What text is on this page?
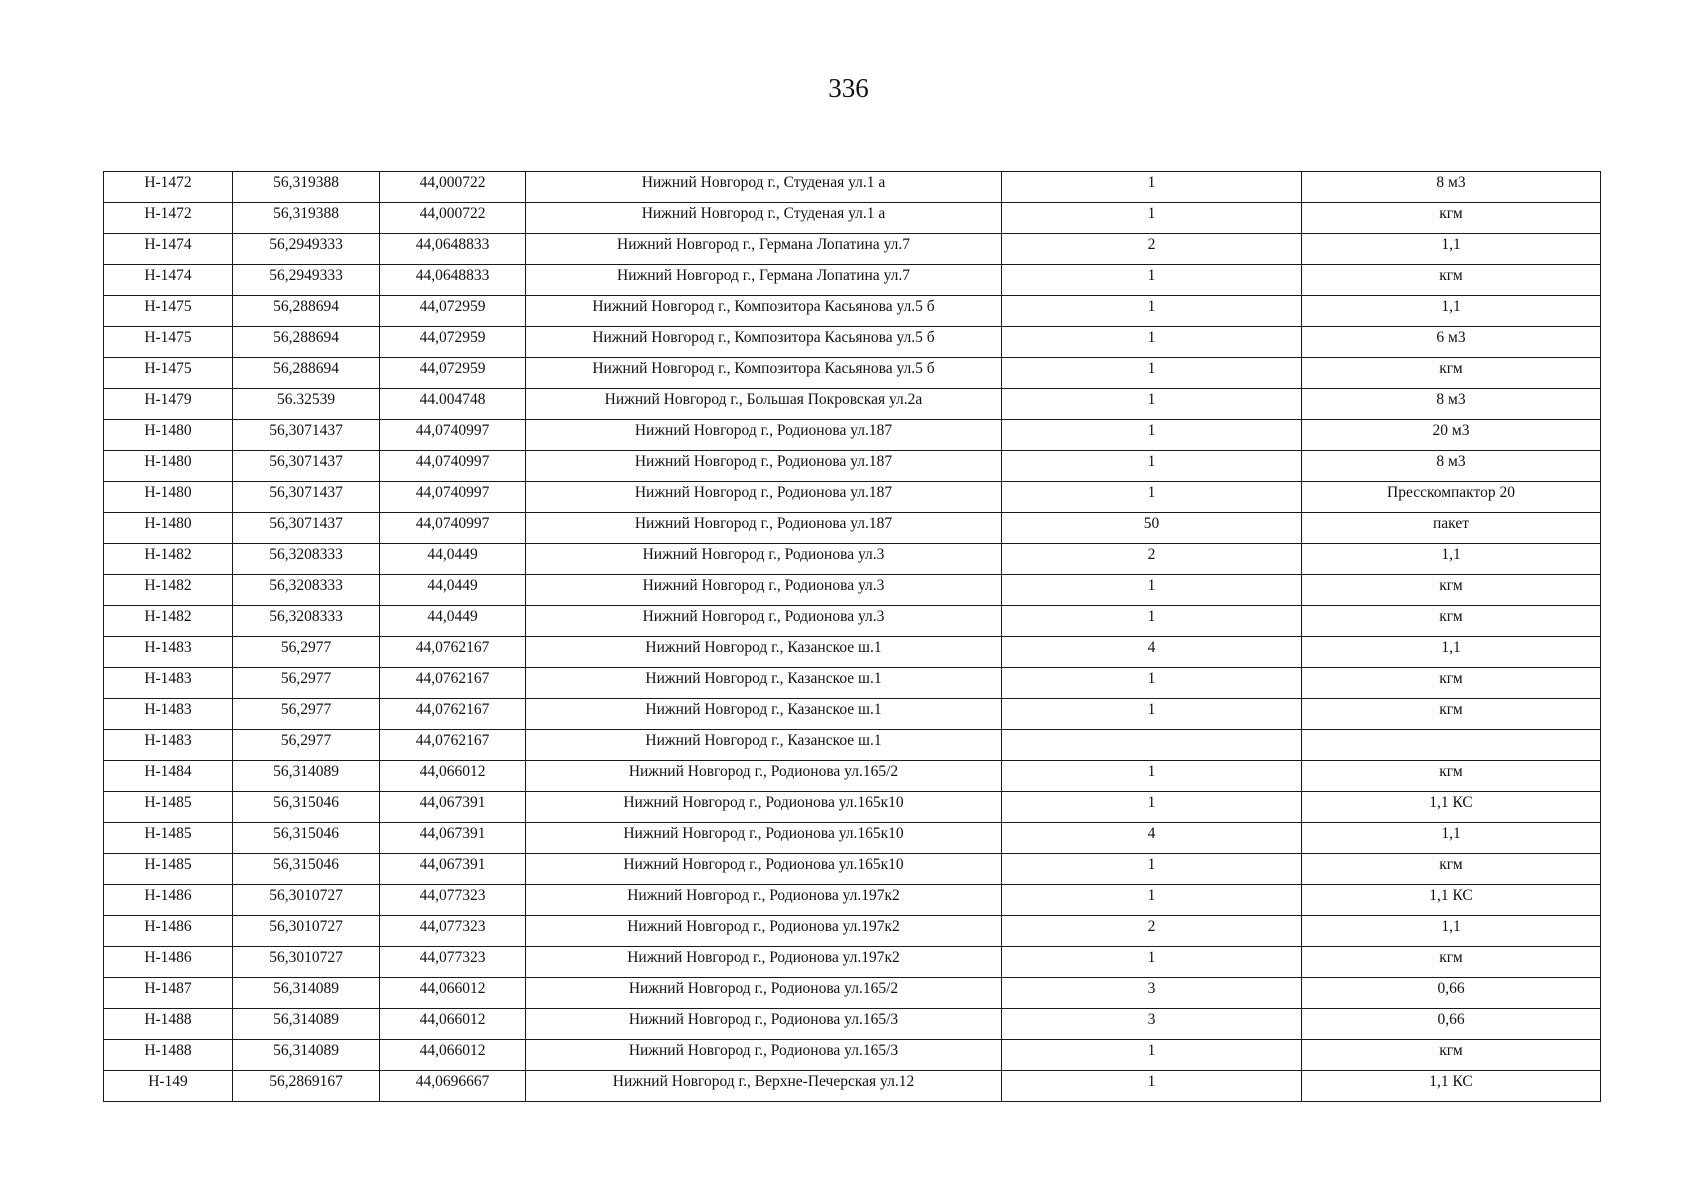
336
Н-1472	56,319388	44,000722	Нижний Новгород г., Студеная ул.1 а	1	8 м3
Н-1472	56,319388	44,000722	Нижний Новгород г., Студеная ул.1 а	1	кгм
Н-1474	56,2949333	44,0648833	Нижний Новгород г., Германа Лопатина ул.7	2	1,1
Н-1474	56,2949333	44,0648833	Нижний Новгород г., Германа Лопатина ул.7	1	кгм
Н-1475	56,288694	44,072959	Нижний Новгород г., Композитора Касьянова ул.5 б	1	1,1
Н-1475	56,288694	44,072959	Нижний Новгород г., Композитора Касьянова ул.5 б	1	6 м3
Н-1475	56,288694	44,072959	Нижний Новгород г., Композитора Касьянова ул.5 б	1	кгм
Н-1479	56.32539	44.004748	Нижний Новгород г., Большая Покровская ул.2а	1	8 м3
Н-1480	56,3071437	44,0740997	Нижний Новгород г., Родионова ул.187	1	20 м3
Н-1480	56,3071437	44,0740997	Нижний Новгород г., Родионова ул.187	1	8 м3
Н-1480	56,3071437	44,0740997	Нижний Новгород г., Родионова ул.187	1	Пресскомпактор 20
Н-1480	56,3071437	44,0740997	Нижний Новгород г., Родионова ул.187	50	пакет
Н-1482	56,3208333	44,0449	Нижний Новгород г., Родионова ул.3	2	1,1
Н-1482	56,3208333	44,0449	Нижний Новгород г., Родионова ул.3	1	кгм
Н-1482	56,3208333	44,0449	Нижний Новгород г., Родионова ул.3	1	кгм
Н-1483	56,2977	44,0762167	Нижний Новгород г., Казанское ш.1	4	1,1
Н-1483	56,2977	44,0762167	Нижний Новгород г., Казанское ш.1	1	кгм
Н-1483	56,2977	44,0762167	Нижний Новгород г., Казанское ш.1	1	кгм
Н-1483	56,2977	44,0762167	Нижний Новгород г., Казанское ш.1		
Н-1484	56,314089	44,066012	Нижний Новгород г., Родионова ул.165/2	1	кгм
Н-1485	56,315046	44,067391	Нижний Новгород г., Родионова ул.165к10	1	1,1 КС
Н-1485	56,315046	44,067391	Нижний Новгород г., Родионова ул.165к10	4	1,1
Н-1485	56,315046	44,067391	Нижний Новгород г., Родионова ул.165к10	1	кгм
Н-1486	56,3010727	44,077323	Нижний Новгород г., Родионова ул.197к2	1	1,1 КС
Н-1486	56,3010727	44,077323	Нижний Новгород г., Родионова ул.197к2	2	1,1
Н-1486	56,3010727	44,077323	Нижний Новгород г., Родионова ул.197к2	1	кгм
Н-1487	56,314089	44,066012	Нижний Новгород г., Родионова ул.165/2	3	0,66
Н-1488	56,314089	44,066012	Нижний Новгород г., Родионова ул.165/3	3	0,66
Н-1488	56,314089	44,066012	Нижний Новгород г., Родионова ул.165/3	1	кгм
Н-149	56,2869167	44,0696667	Нижний Новгород г., Верхне-Печерская ул.12	1	1,1 КС
